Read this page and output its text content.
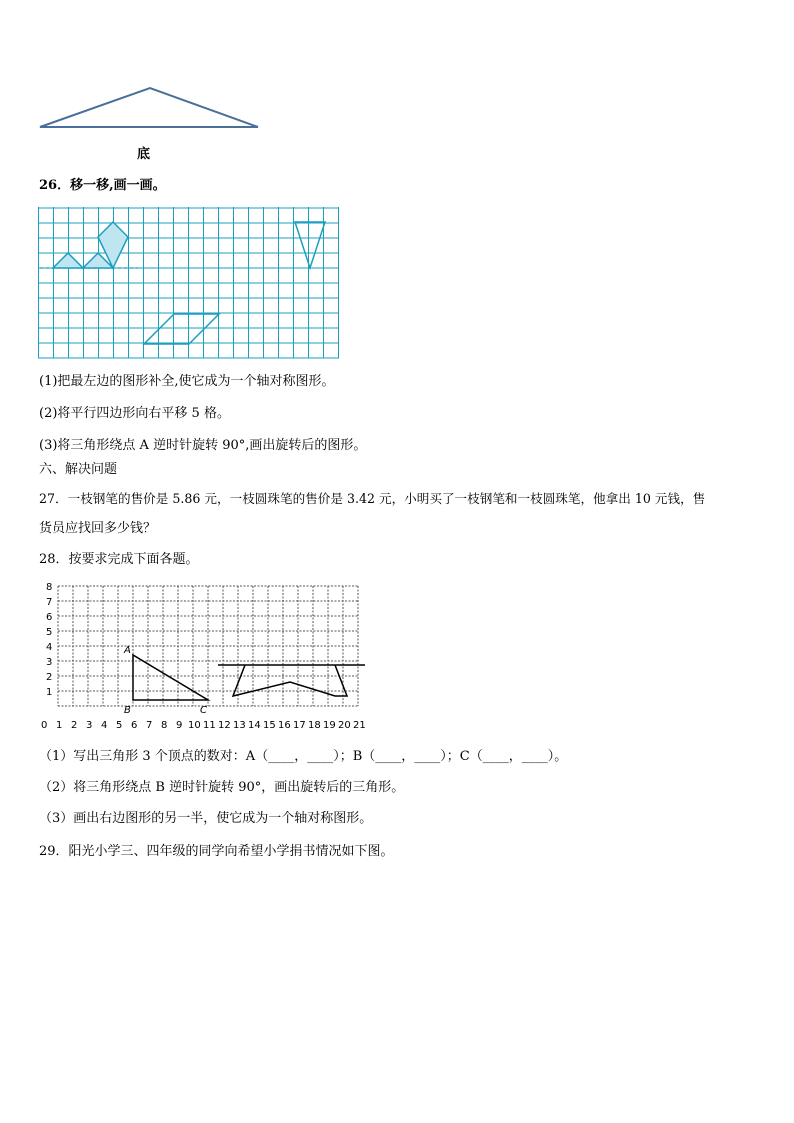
底
26．移一移,画一画。
(1)把最左边的图形补全,使它成为一个轴对称图形。
(2)将平行四边形向右平移 5 格。
(3)将三角形绕点 A 逆时针旋转 90°,画出旋转后的图形。
六、解决问题
27．一枝钢笔的售价是 5.86 元，一枝圆珠笔的售价是 3.42 元，小明买了一枝钢笔和一枝圆珠笔，他拿出 10 元钱，售
货员应找回多少钱？
28．按要求完成下面各题。
1
2
3
4
5
6
7
8
0 1 2 3 4 5 6 7 8 9 10 11 12 13 14 15 16 17 18 19 20 21
A
B	C
（1）写出三角形 3 个顶点的数对：A（____，____）；B（____，____）；C（____，____）。
（2）将三角形绕点 B 逆时针旋转 90°，画出旋转后的三角形。
（3）画出右边图形的另一半，使它成为一个轴对称图形。
29．阳光小学三、四年级的同学向希望小学捐书情况如下图。
